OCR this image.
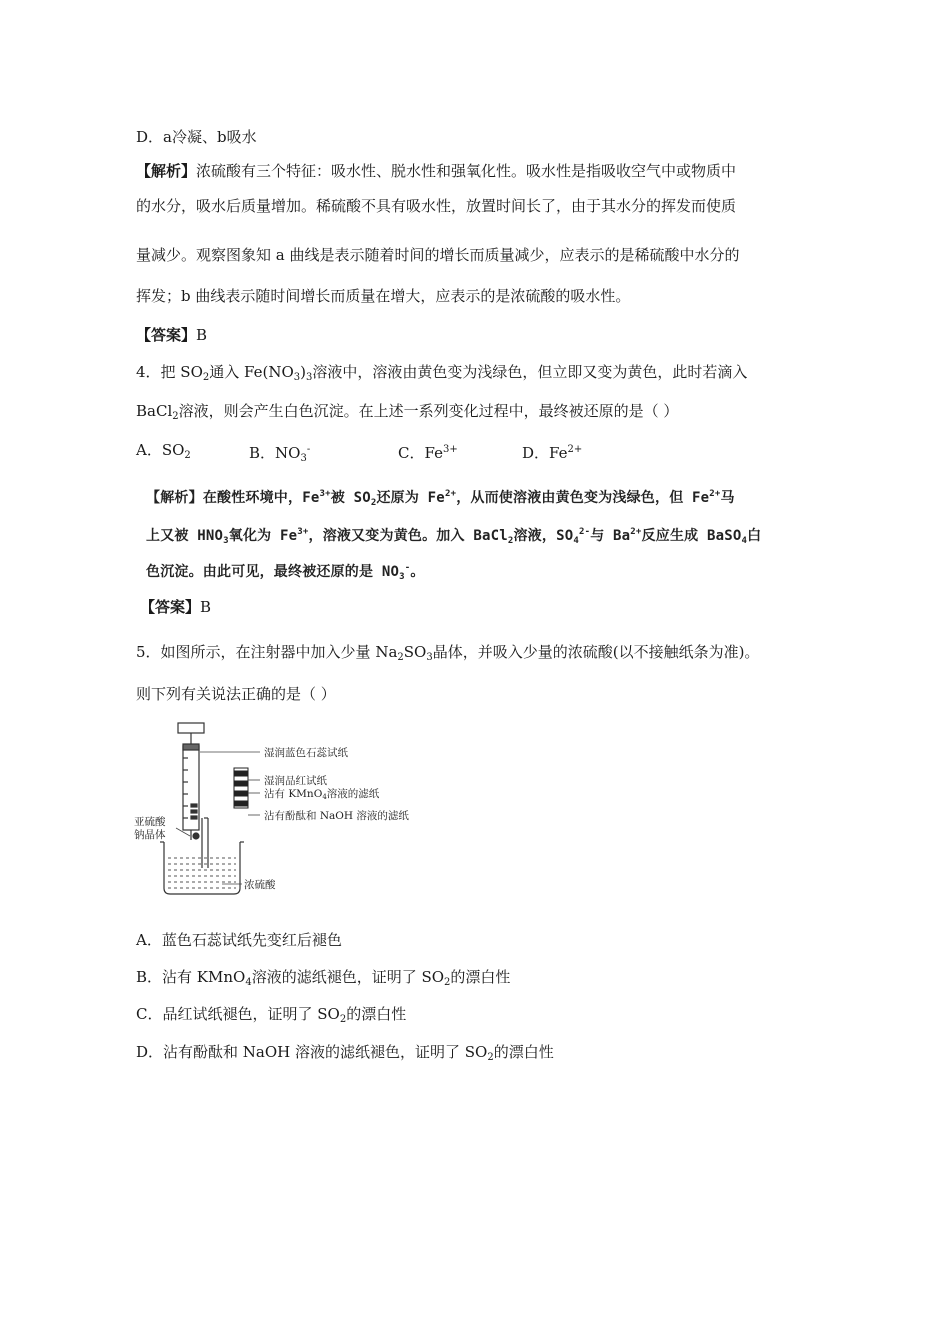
D．a冷凝、b吸水
【解析】浓硫酸有三个特征：吸水性、脱水性和强氧化性。吸水性是指吸收空气中或物质中
的水分，吸水后质量增加。稀硫酸不具有吸水性，放置时间长了，由于其水分的挥发而使质
量减少。观察图象知 a 曲线是表示随着时间的增长而质量减少，应表示的是稀硫酸中水分的
挥发；b 曲线表示随时间增长而质量在增大，应表示的是浓硫酸的吸水性。
【答案】B
4．把 $SO_2$通入 $Fe(NO_3)_3$溶液中，溶液由黄色变为浅绿色，但立即又变为黄色，此时若滴入
BaCl$_2$溶液，则会产生白色沉淀。在上述一系列变化过程中，最终被还原的是（ ）
A．$SO_2$	B．$NO_3^-$	C．$Fe^{3+}$	D．$Fe^{2+}$
【解析】在酸性环境中，$Fe^{3+}$被 $SO_2$还原为 $Fe^{2+}$，从而使溶液由黄色变为浅绿色，但 $Fe^{2+}$马
上又被 $HNO_3$氧化为 $Fe^{3+}$，溶液又变为黄色。加入 BaCl$_2$溶液，$SO_4^{2-}$与 $Ba^{2+}$反应生成 BaSO$_4$白
色沉淀。由此可见，最终被还原的是 $NO_3^-$。
【答案】B
5．如图所示，在注射器中加入少量 $Na_2SO_3$晶体，并吸入少量的浓硫酸(以不接触纸条为准)。
则下列有关说法正确的是（ ）
湿润蓝色石蕊试纸
湿润品红试纸
沾有 KMnO4溶液的滤纸
沾有酚酞和 NaOH 溶液的滤纸
亚硫酸
钠晶体
浓硫酸
A．蓝色石蕊试纸先变红后褪色
B．沾有 KMnO$_4$溶液的滤纸褪色，证明了 $SO_2$的漂白性
C．品红试纸褪色，证明了 $SO_2$的漂白性
D．沾有酚酞和 NaOH 溶液的滤纸褪色，证明了 $SO_2$的漂白性
